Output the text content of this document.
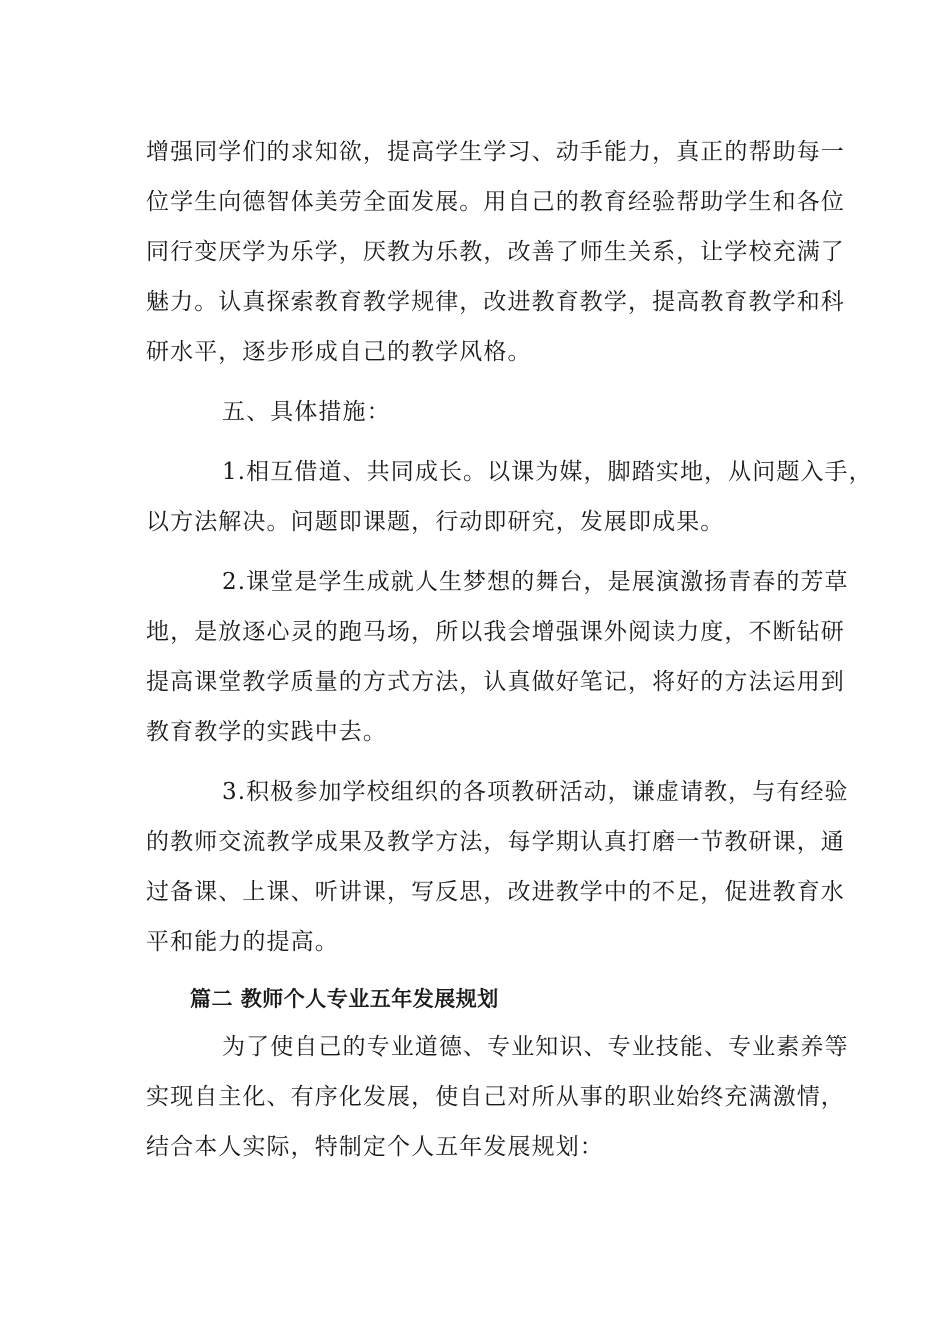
增强同学们的求知欲，提高学生学习、动手能力，真正的帮助每一
位学生向德智体美劳全面发展。用自己的教育经验帮助学生和各位
同行变厌学为乐学，厌教为乐教，改善了师生关系，让学校充满了
魅力。认真探索教育教学规律，改进教育教学，提高教育教学和科
研水平，逐步形成自己的教学风格。
五、具体措施：
1.相互借道、共同成长。以课为媒，脚踏实地，从问题入手，
以方法解决。问题即课题，行动即研究，发展即成果。
2.课堂是学生成就人生梦想的舞台，是展演激扬青春的芳草
地，是放逐心灵的跑马场，所以我会增强课外阅读力度，不断钻研
提高课堂教学质量的方式方法，认真做好笔记，将好的方法运用到
教育教学的实践中去。
3.积极参加学校组织的各项教研活动，谦虚请教，与有经验
的教师交流教学成果及教学方法，每学期认真打磨一节教研课，通
过备课、上课、听讲课，写反思，改进教学中的不足，促进教育水
平和能力的提高。
篇二 教师个人专业五年发展规划
为了使自己的专业道德、专业知识、专业技能、专业素养等
实现自主化、有序化发展，使自己对所从事的职业始终充满激情，
结合本人实际，特制定个人五年发展规划：
